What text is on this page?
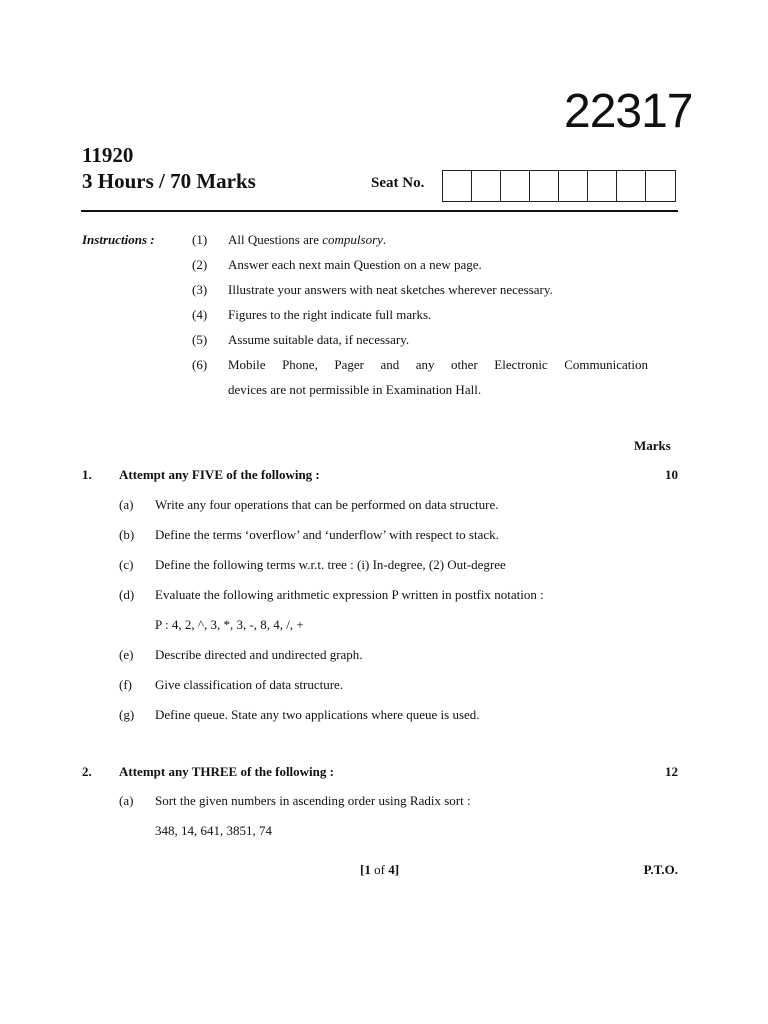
22317
11920
3 Hours / 70 Marks	Seat No.
Instructions :	(1)	All Questions are compulsory.
(2)	Answer each next main Question on a new page.
(3)	Illustrate your answers with neat sketches wherever necessary.
(4)	Figures to the right indicate full marks.
(5)	Assume suitable data, if necessary.
(6)	Mobile Phone, Pager and any other Electronic Communication
devices are not permissible in Examination Hall.
Marks
1. Attempt any FIVE of the following :	10
(a) Write any four operations that can be performed on data structure.
(b) Define the terms ‘overflow’ and ‘underflow’ with respect to stack.
(c) Define the following terms w.r.t. tree : (i) In-degree, (2) Out-degree
(d) Evaluate the following arithmetic expression P written in postfix notation :
P : 4, 2, ^, 3, *, 3, -, 8, 4, /, +
(e) Describe directed and undirected graph.
(f) Give classification of data structure.
(g) Define queue. State any two applications where queue is used.
2. Attempt any THREE of the following :	12
(a) Sort the given numbers in ascending order using Radix sort :
348, 14, 641, 3851, 74
[1 of 4]	P.T.O.
